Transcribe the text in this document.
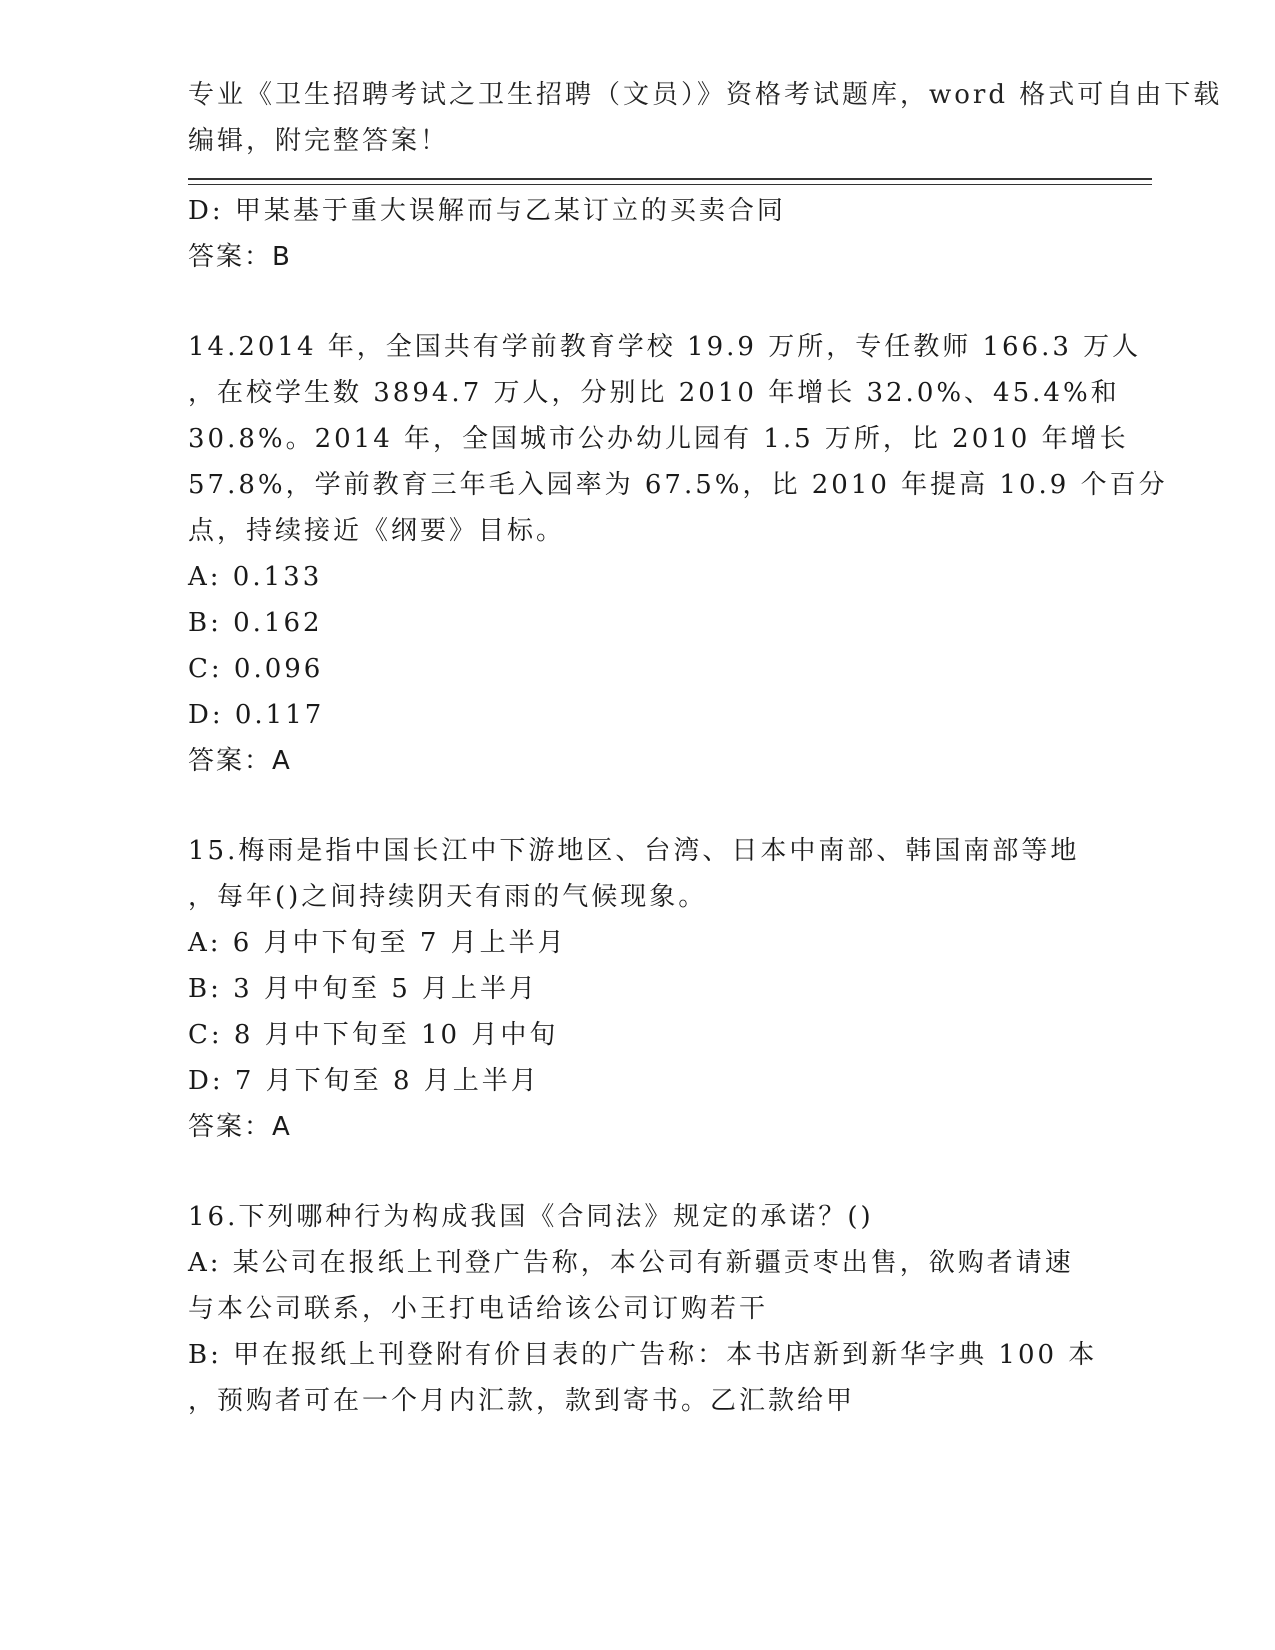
专业《卫生招聘考试之卫生招聘（文员）》资格考试题库，word 格式可自由下载
编辑，附完整答案！
D: 甲某基于重大误解而与乙某订立的买卖合同
答案：B
14.2014 年，全国共有学前教育学校 19.9 万所，专任教师 166.3 万人
，在校学生数 3894.7 万人，分别比 2010 年增长 32.0%、45.4%和
30.8%。2014 年，全国城市公办幼儿园有 1.5 万所，比 2010 年增长
57.8%，学前教育三年毛入园率为 67.5%，比 2010 年提高 10.9 个百分
点，持续接近《纲要》目标。
A: 0.133
B: 0.162
C: 0.096
D: 0.117
答案：A
15.梅雨是指中国长江中下游地区、台湾、日本中南部、韩国南部等地
，每年()之间持续阴天有雨的气候现象。
A: 6 月中下旬至 7 月上半月
B: 3 月中旬至 5 月上半月
C: 8 月中下旬至 10 月中旬
D: 7 月下旬至 8 月上半月
答案：A
16.下列哪种行为构成我国《合同法》规定的承诺？()
A: 某公司在报纸上刊登广告称，本公司有新疆贡枣出售，欲购者请速
与本公司联系，小王打电话给该公司订购若干
B: 甲在报纸上刊登附有价目表的广告称：本书店新到新华字典 100 本
，预购者可在一个月内汇款，款到寄书。乙汇款给甲
